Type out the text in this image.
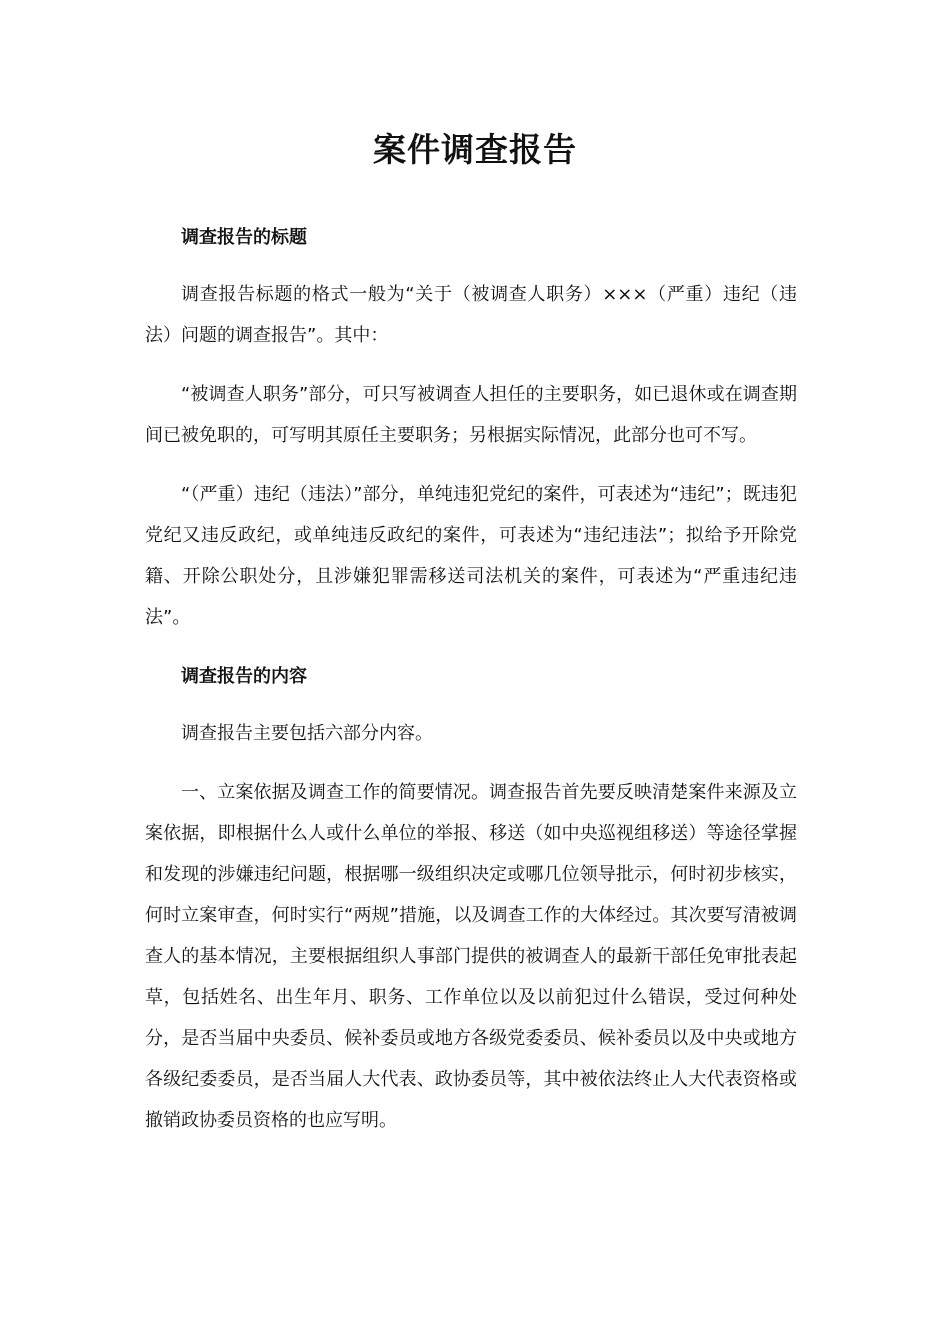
案件调查报告

调查报告的标题

调查报告标题的格式一般为“关于（被调查人职务）×××（严重）违纪（违法）问题的调查报告”。其中：

“被调查人职务”部分，可只写被调查人担任的主要职务，如已退休或在调查期间已被免职的，可写明其原任主要职务；另根据实际情况，此部分也可不写。

“（严重）违纪（违法）”部分，单纯违犯党纪的案件，可表述为“违纪”；既违犯党纪又违反政纪，或单纯违反政纪的案件，可表述为“违纪违法”；拟给予开除党籍、开除公职处分，且涉嫌犯罪需移送司法机关的案件，可表述为“严重违纪违法”。

调查报告的内容

调查报告主要包括六部分内容。

一、立案依据及调查工作的简要情况。调查报告首先要反映清楚案件来源及立案依据，即根据什么人或什么单位的举报、移送（如中央巡视组移送）等途径掌握和发现的涉嫌违纪问题，根据哪一级组织决定或哪几位领导批示，何时初步核实，何时立案审查，何时实行“两规”措施，以及调查工作的大体经过。其次要写清被调查人的基本情况，主要根据组织人事部门提供的被调查人的最新干部任免审批表起草，包括姓名、出生年月、职务、工作单位以及以前犯过什么错误，受过何种处分，是否当届中央委员、候补委员或地方各级党委委员、候补委员以及中央或地方各级纪委委员，是否当届人大代表、政协委员等，其中被依法终止人大代表资格或撤销政协委员资格的也应写明。
